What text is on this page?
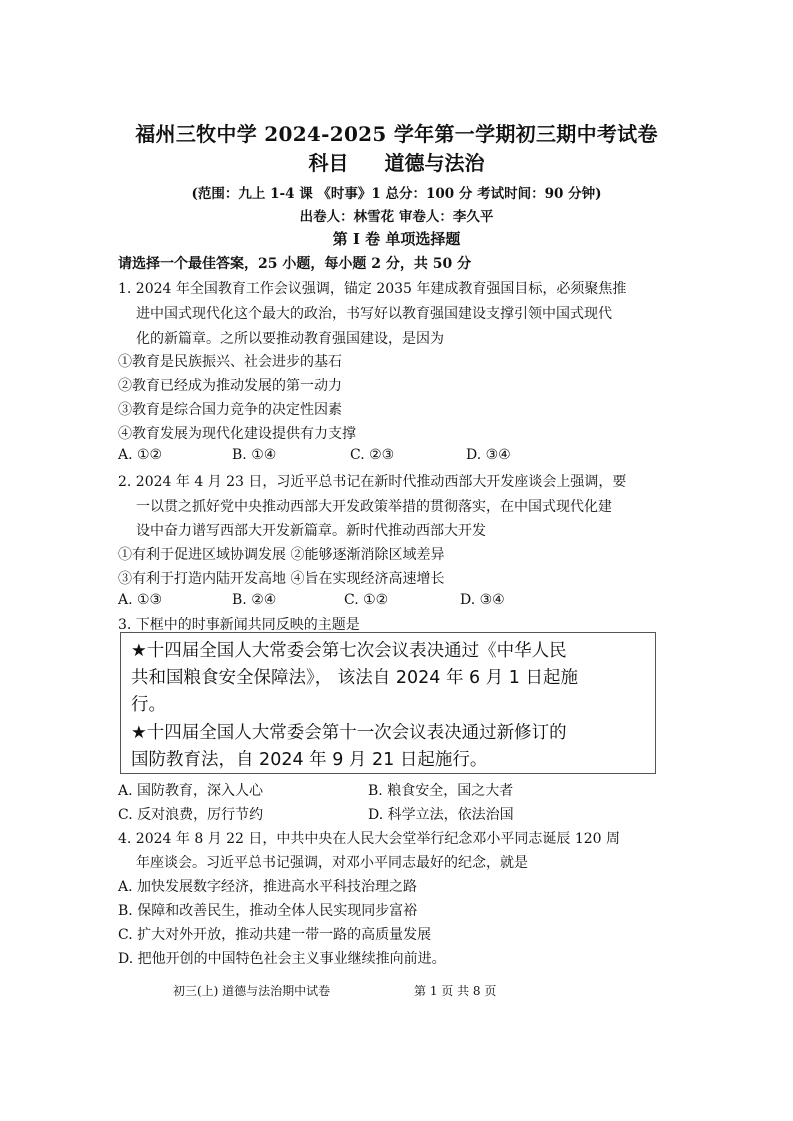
福州三牧中学 2024-2025 学年第一学期初三期中考试卷
科目 道德与法治
(范围：九上 1-4 课 《时事》1 总分：100 分 考试时间：90 分钟)
出卷人：林雪花 审卷人：李久平
第 I 卷 单项选择题
请选择一个最佳答案，25 小题，每小题 2 分，共 50 分
1. 2024 年全国教育工作会议强调，锚定 2035 年建成教育强国目标，必须聚焦推
进中国式现代化这个最大的政治，书写好以教育强国建设支撑引领中国式现代
化的新篇章。之所以要推动教育强国建设，是因为
①教育是民族振兴、社会进步的基石
②教育已经成为推动发展的第一动力
③教育是综合国力竞争的决定性因素
④教育发展为现代化建设提供有力支撑
A. ①②	B. ①④	C. ②③	D. ③④
2. 2024 年 4 月 23 日，习近平总书记在新时代推动西部大开发座谈会上强调，要
一以贯之抓好党中央推动西部大开发政策举措的贯彻落实，在中国式现代化建
设中奋力谱写西部大开发新篇章。新时代推动西部大开发
①有利于促进区域协调发展 ②能够逐渐消除区域差异
③有利于打造内陆开发高地 ④旨在实现经济高速增长
A. ①③	B. ②④	C. ①②	D. ③④
3. 下框中的时事新闻共同反映的主题是
★十四届全国人大常委会第七次会议表决通过《中华人民
共和国粮食安全保障法》， 该法自 2024 年 6 月 1 日起施
行。
★十四届全国人大常委会第十一次会议表决通过新修订的
国防教育法，自 2024 年 9 月 21 日起施行。
A. 国防教育，深入人心	B. 粮食安全，国之大者
C. 反对浪费，厉行节约	D. 科学立法，依法治国
4. 2024 年 8 月 22 日，中共中央在人民大会堂举行纪念邓小平同志诞辰 120 周
年座谈会。习近平总书记强调，对邓小平同志最好的纪念，就是
A. 加快发展数字经济，推进高水平科技治理之路
B. 保障和改善民生，推动全体人民实现同步富裕
C. 扩大对外开放，推动共建一带一路的高质量发展
D. 把他开创的中国特色社会主义事业继续推向前进。
初三(上) 道德与法治期中试卷	第 1 页 共 8 页
